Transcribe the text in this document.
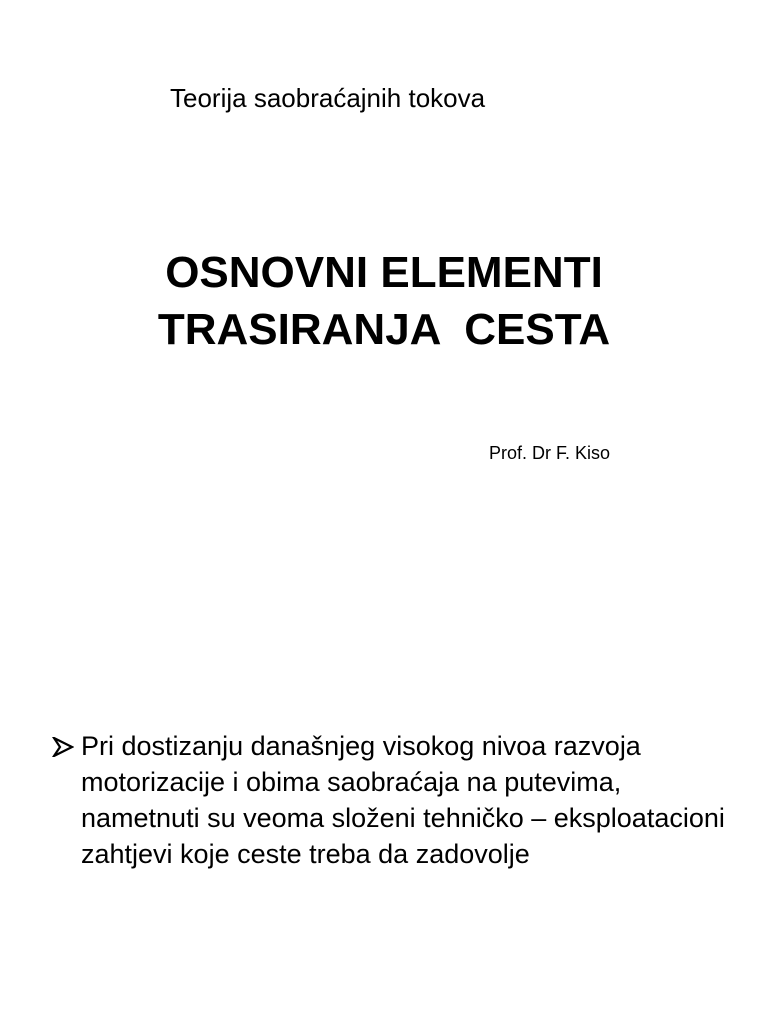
Teorija saobraćajnih tokova
OSNOVNI ELEMENTI
TRASIRANJA  CESTA
Prof. Dr F. Kiso
Pri dostizanju današnjeg visokog nivoa razvoja motorizacije i obima saobraćaja na putevima, nametnuti su veoma složeni tehničko – eksploatacioni zahtjevi koje ceste treba da zadovolje
